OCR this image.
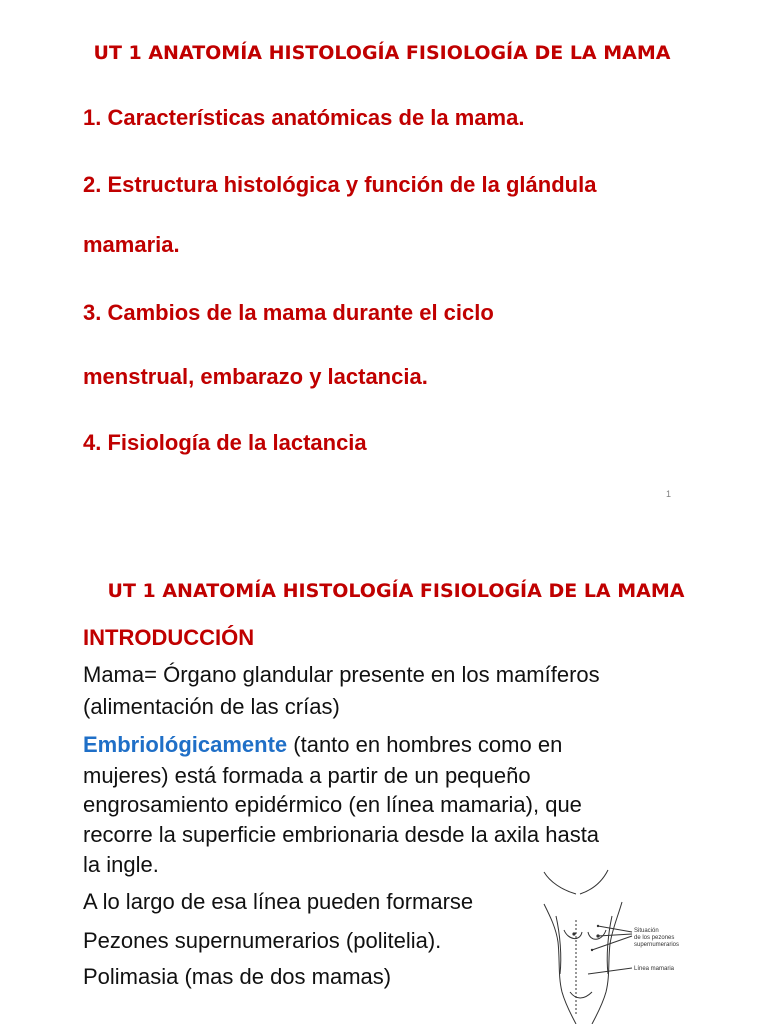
UT 1 ANATOMÍA HISTOLOGÍA FISIOLOGÍA DE LA MAMA
1. Características anatómicas de la mama.
2. Estructura histológica y función de la glándula
mamaria.
3. Cambios de la mama durante el ciclo
menstrual, embarazo y lactancia.
4. Fisiología de la lactancia
1
UT 1 ANATOMÍA HISTOLOGÍA FISIOLOGÍA DE LA MAMA
INTRODUCCIÓN
Mama= Órgano glandular presente en los mamíferos
(alimentación de las crías)
Embriológicamente (tanto en hombres como en
mujeres) está formada a partir de un pequeño
engrosamiento epidérmico (en línea mamaria), que
recorre la superficie embrionaria desde la axila hasta
la ingle.
A lo largo de esa línea pueden formarse
Pezones supernumerarios (politelia).
Polimasia (mas de dos mamas)
Situación
de los pezones
supernumerarios
Línea mamaria
